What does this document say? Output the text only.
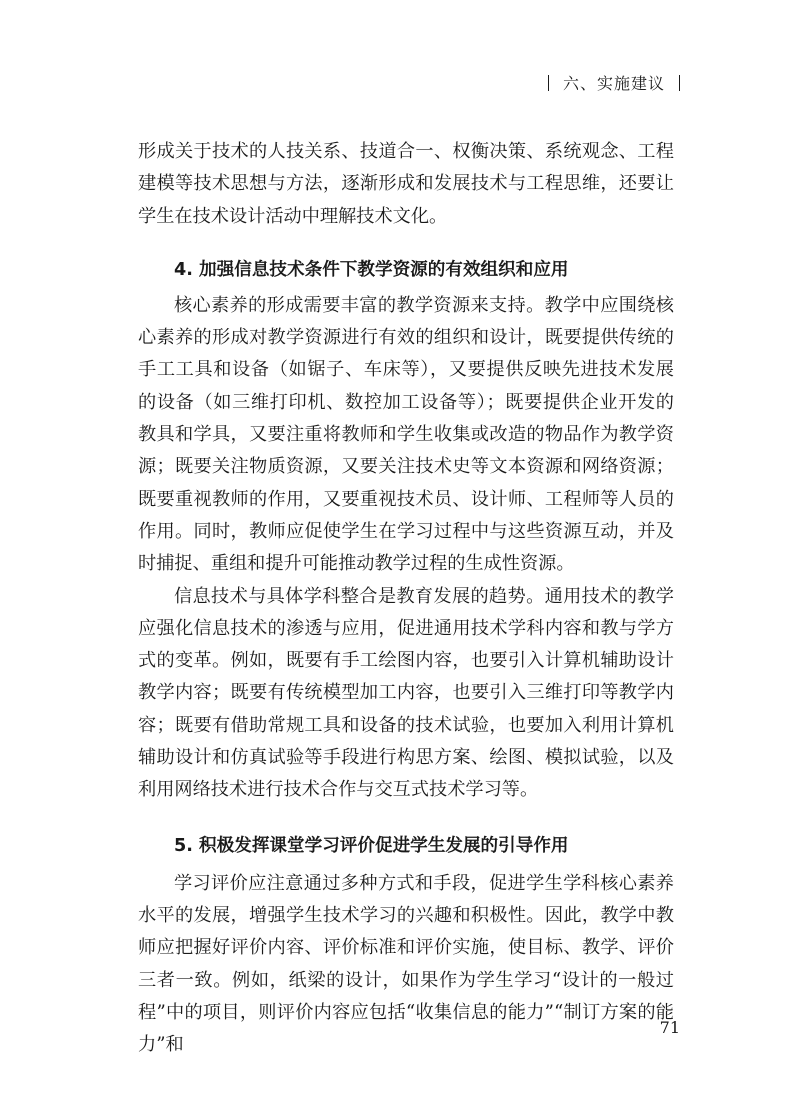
六、实施建议

形成关于技术的人技关系、技道合一、权衡决策、系统观念、工程建模等技术思想与方法，逐渐形成和发展技术与工程思维，还要让学生在技术设计活动中理解技术文化。

4. 加强信息技术条件下教学资源的有效组织和应用

核心素养的形成需要丰富的教学资源来支持。教学中应围绕核心素养的形成对教学资源进行有效的组织和设计，既要提供传统的手工工具和设备（如锯子、车床等），又要提供反映先进技术发展的设备（如三维打印机、数控加工设备等）；既要提供企业开发的教具和学具，又要注重将教师和学生收集或改造的物品作为教学资源；既要关注物质资源，又要关注技术史等文本资源和网络资源；既要重视教师的作用，又要重视技术员、设计师、工程师等人员的作用。同时，教师应促使学生在学习过程中与这些资源互动，并及时捕捉、重组和提升可能推动教学过程的生成性资源。

信息技术与具体学科整合是教育发展的趋势。通用技术的教学应强化信息技术的渗透与应用，促进通用技术学科内容和教与学方式的变革。例如，既要有手工绘图内容，也要引入计算机辅助设计教学内容；既要有传统模型加工内容，也要引入三维打印等教学内容；既要有借助常规工具和设备的技术试验，也要加入利用计算机辅助设计和仿真试验等手段进行构思方案、绘图、模拟试验，以及利用网络技术进行技术合作与交互式技术学习等。

5. 积极发挥课堂学习评价促进学生发展的引导作用

学习评价应注意通过多种方式和手段，促进学生学科核心素养水平的发展，增强学生技术学习的兴趣和积极性。因此，教学中教师应把握好评价内容、评价标准和评价实施，使目标、教学、评价三者一致。例如，纸梁的设计，如果作为学生学习“设计的一般过程”中的项目，则评价内容应包括“收集信息的能力”“制订方案的能力”和

71
